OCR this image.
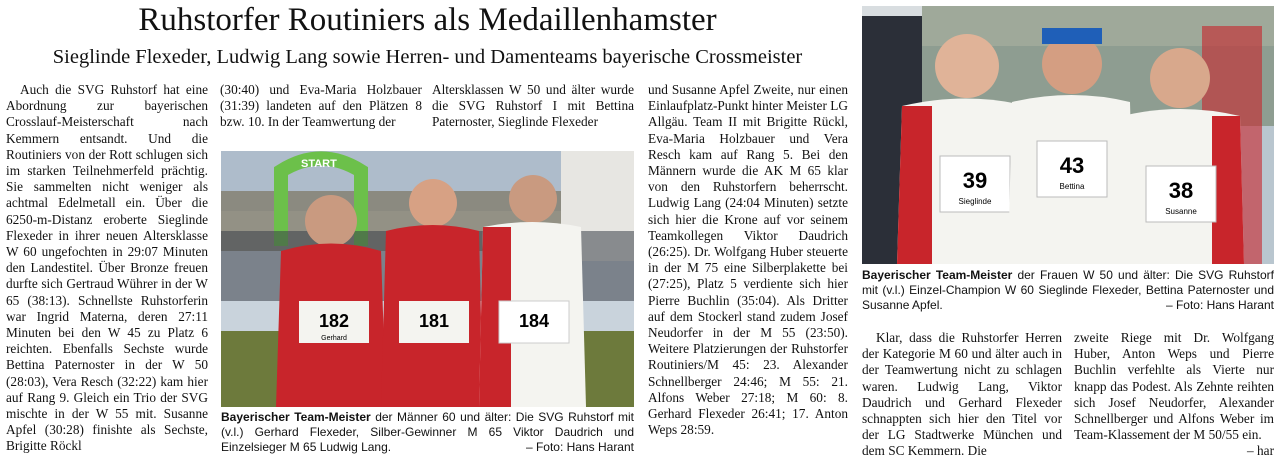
Ruhstorfer Routiniers als Medaillenhamster
Sieglinde Flexeder, Ludwig Lang sowie Herren- und Damenteams bayerische Crossmeister

Auch die SVG Ruhstorf hat eine Abordnung zur bayerischen Crosslauf-Meisterschaft nach Kemmern entsandt. Und die Routiniers von der Rott schlugen sich im starken Teilnehmerfeld prächtig. Sie sammelten nicht weniger als achtmal Edelmetall ein. Über die 6250-m-Distanz eroberte Sieglinde Flexeder in ihrer neuen Altersklasse W 60 ungefochten in 29:07 Minuten den Landestitel. Über Bronze freuen durfte sich Gertraud Wührer in der W 65 (38:13). Schnellste Ruhstorferin war Ingrid Materna, deren 27:11 Minuten bei den W 45 zu Platz 6 reichten. Ebenfalls Sechste wurde Bettina Paternoster in der W 50 (28:03), Vera Resch (32:22) kam hier auf Rang 9. Gleich ein Trio der SVG mischte in der W 55 mit. Susanne Apfel (30:28) finishte als Sechste, Brigitte Röckl

(30:40) und Eva-Maria Holzbauer (31:39) landeten auf den Plätzen 8 bzw. 10. In der Teamwertung der

Altersklassen W 50 und älter wurde die SVG Ruhstorf I mit Bettina Paternoster, Sieglinde Flexeder

START
182
Gerhard
181	184
Bayerischer Team-Meister der Männer 60 und älter: Die SVG Ruhstorf mit (v.l.) Gerhard Flexeder, Silber-Gewinner M 65 Viktor Daudrich und Einzelsieger M 65 Ludwig Lang.	– Foto: Hans Harant

und Susanne Apfel Zweite, nur einen Einlaufplatz-Punkt hinter Meister LG Allgäu. Team II mit Brigitte Rückl, Eva-Maria Holzbauer und Vera Resch kam auf Rang 5. Bei den Männern wurde die AK M 65 klar von den Ruhstorfern beherrscht. Ludwig Lang (24:04 Minuten) setzte sich hier die Krone auf vor seinem Teamkollegen Viktor Daudrich (26:25). Dr. Wolfgang Huber steuerte in der M 75 eine Silberplakette bei (27:25), Platz 5 verdiente sich hier Pierre Buchlin (35:04). Als Dritter auf dem Stockerl stand zudem Josef Neudorfer in der M 55 (23:50). Weitere Platzierungen der Ruhstorfer Routiniers/M 45: 23. Alexander Schnellberger 24:46; M 55: 21. Alfons Weber 27:18; M 60: 8. Gerhard Flexeder 26:41; 17. Anton Weps 28:59.

39
Sieglinde
43
Bettina	38
Susanne
Bayerischer Team-Meister der Frauen W 50 und älter: Die SVG Ruhstorf mit (v.l.) Einzel-Champion W 60 Sieglinde Flexeder, Bettina Paternoster und Susanne Apfel.	– Foto: Hans Harant

Klar, dass die Ruhstorfer Herren der Kategorie M 60 und älter auch in der Teamwertung nicht zu schlagen waren. Ludwig Lang, Viktor Daudrich und Gerhard Flexeder schnappten sich hier den Titel vor der LG Stadtwerke München und dem SC Kemmern. Die

zweite Riege mit Dr. Wolfgang Huber, Anton Weps und Pierre Buchlin verfehlte als Vierte nur knapp das Podest. Als Zehnte reihten sich Josef Neudorfer, Alexander Schnellberger und Alfons Weber im Team-Klassement der M 50/55 ein.
– har
